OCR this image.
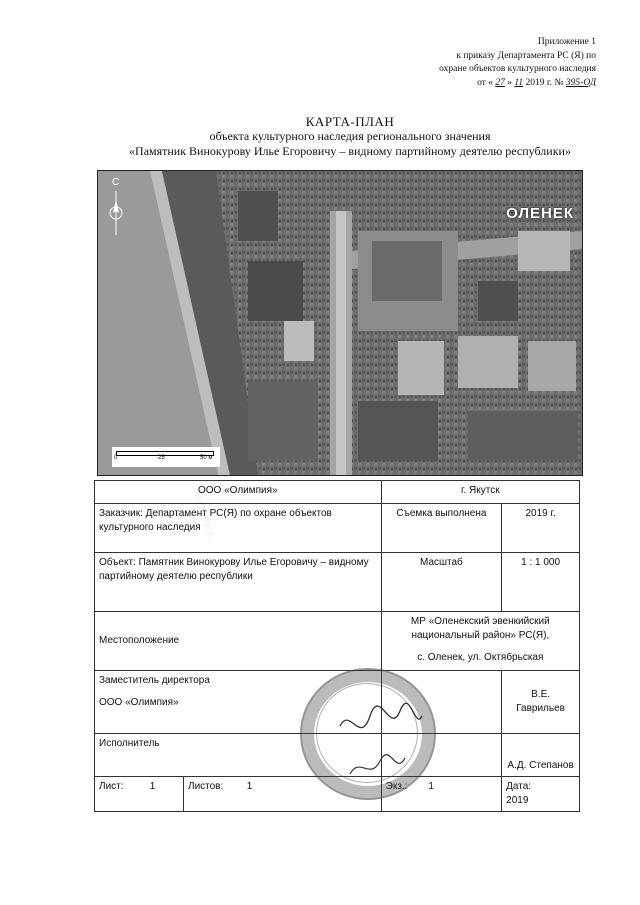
Приложение 1
к приказу Департамента РС (Я) по
охране объектов культурного наследия
от « 27 » 11 2019 г. № 395-ОД
КАРТА-ПЛАН
объекта культурного наследия регионального значения
«Памятник Винокурову Илье Егоровичу – видному партийному деятелю республики»
С
ОЛЕНЕК
ОЛЕНЕК
0	25	50 м
ООО «Олимпия»		г. Якутск	
Заказчик: Департамент РС(Я) по охране объектов культурного наследия		Съемка выполнена	2019 г.
Объект: Памятник Винокурову Илье Егоровичу – видному партийному деятелю республики		Масштаб	1 : 1 000
Местоположение		МР «Оленекский эвенкийский национальный район» РС(Я),
с. Оленек, ул. Октябрьская	

Заместитель директора
ООО «Олимпия»			В.Е. Гаврильев
Исполнитель			А.Д. Степанов
Лист: 1	Листов: 1	Экз.: 1	Дата: 2019
